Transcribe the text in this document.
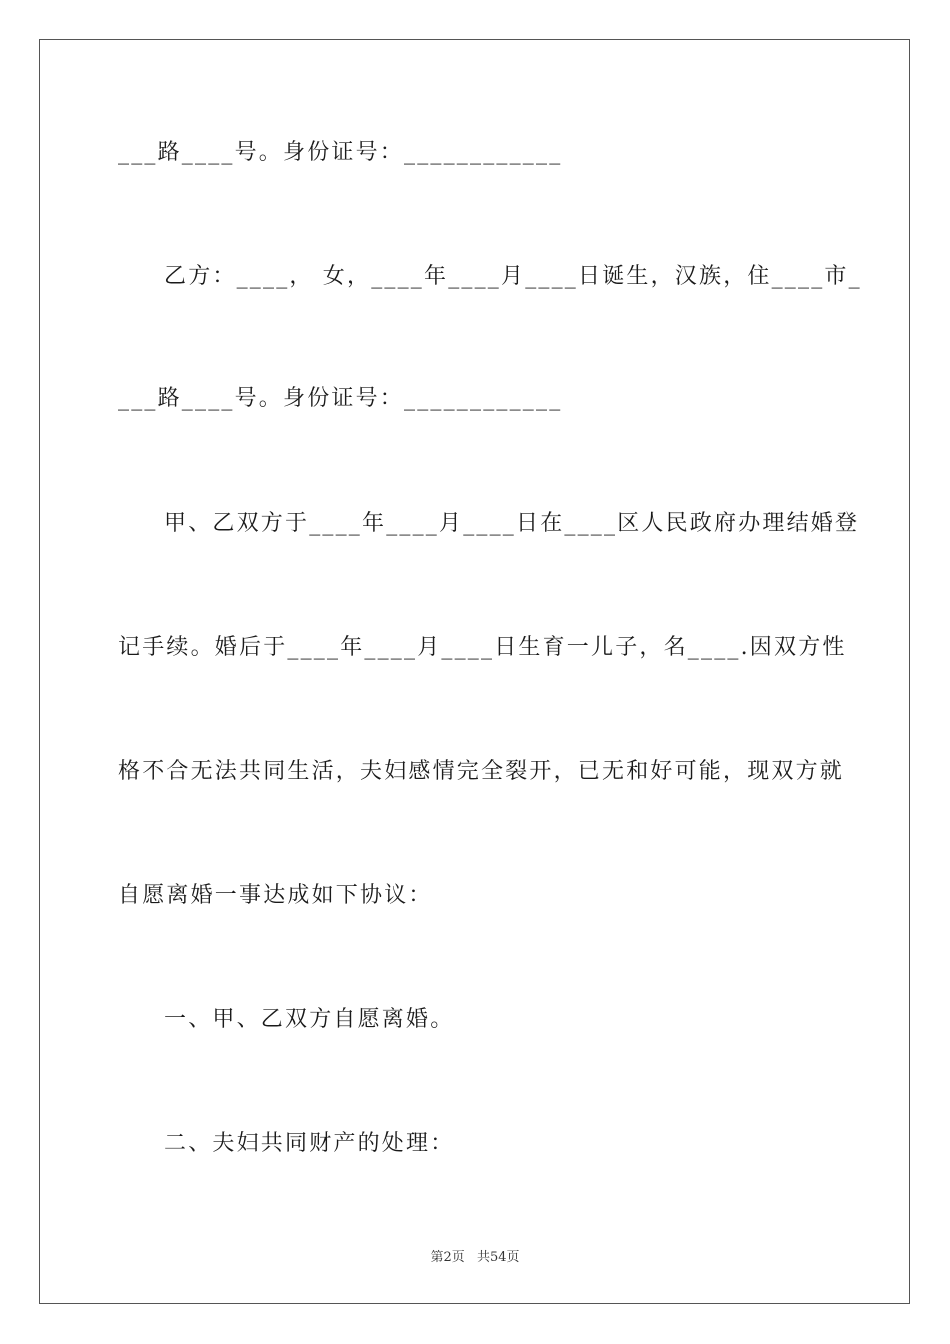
___路____号。身份证号：____________
乙方：____， 女，____年____月____日诞生，汉族，住____市_
___路____号。身份证号：____________
甲、乙双方于____年____月____日在____区人民政府办理结婚登
记手续。婚后于____年____月____日生育一儿子，名____.因双方性
格不合无法共同生活，夫妇感情完全裂开，已无和好可能，现双方就
自愿离婚一事达成如下协议：
一、甲、乙双方自愿离婚。
二、夫妇共同财产的处理：
第2页 共54页
